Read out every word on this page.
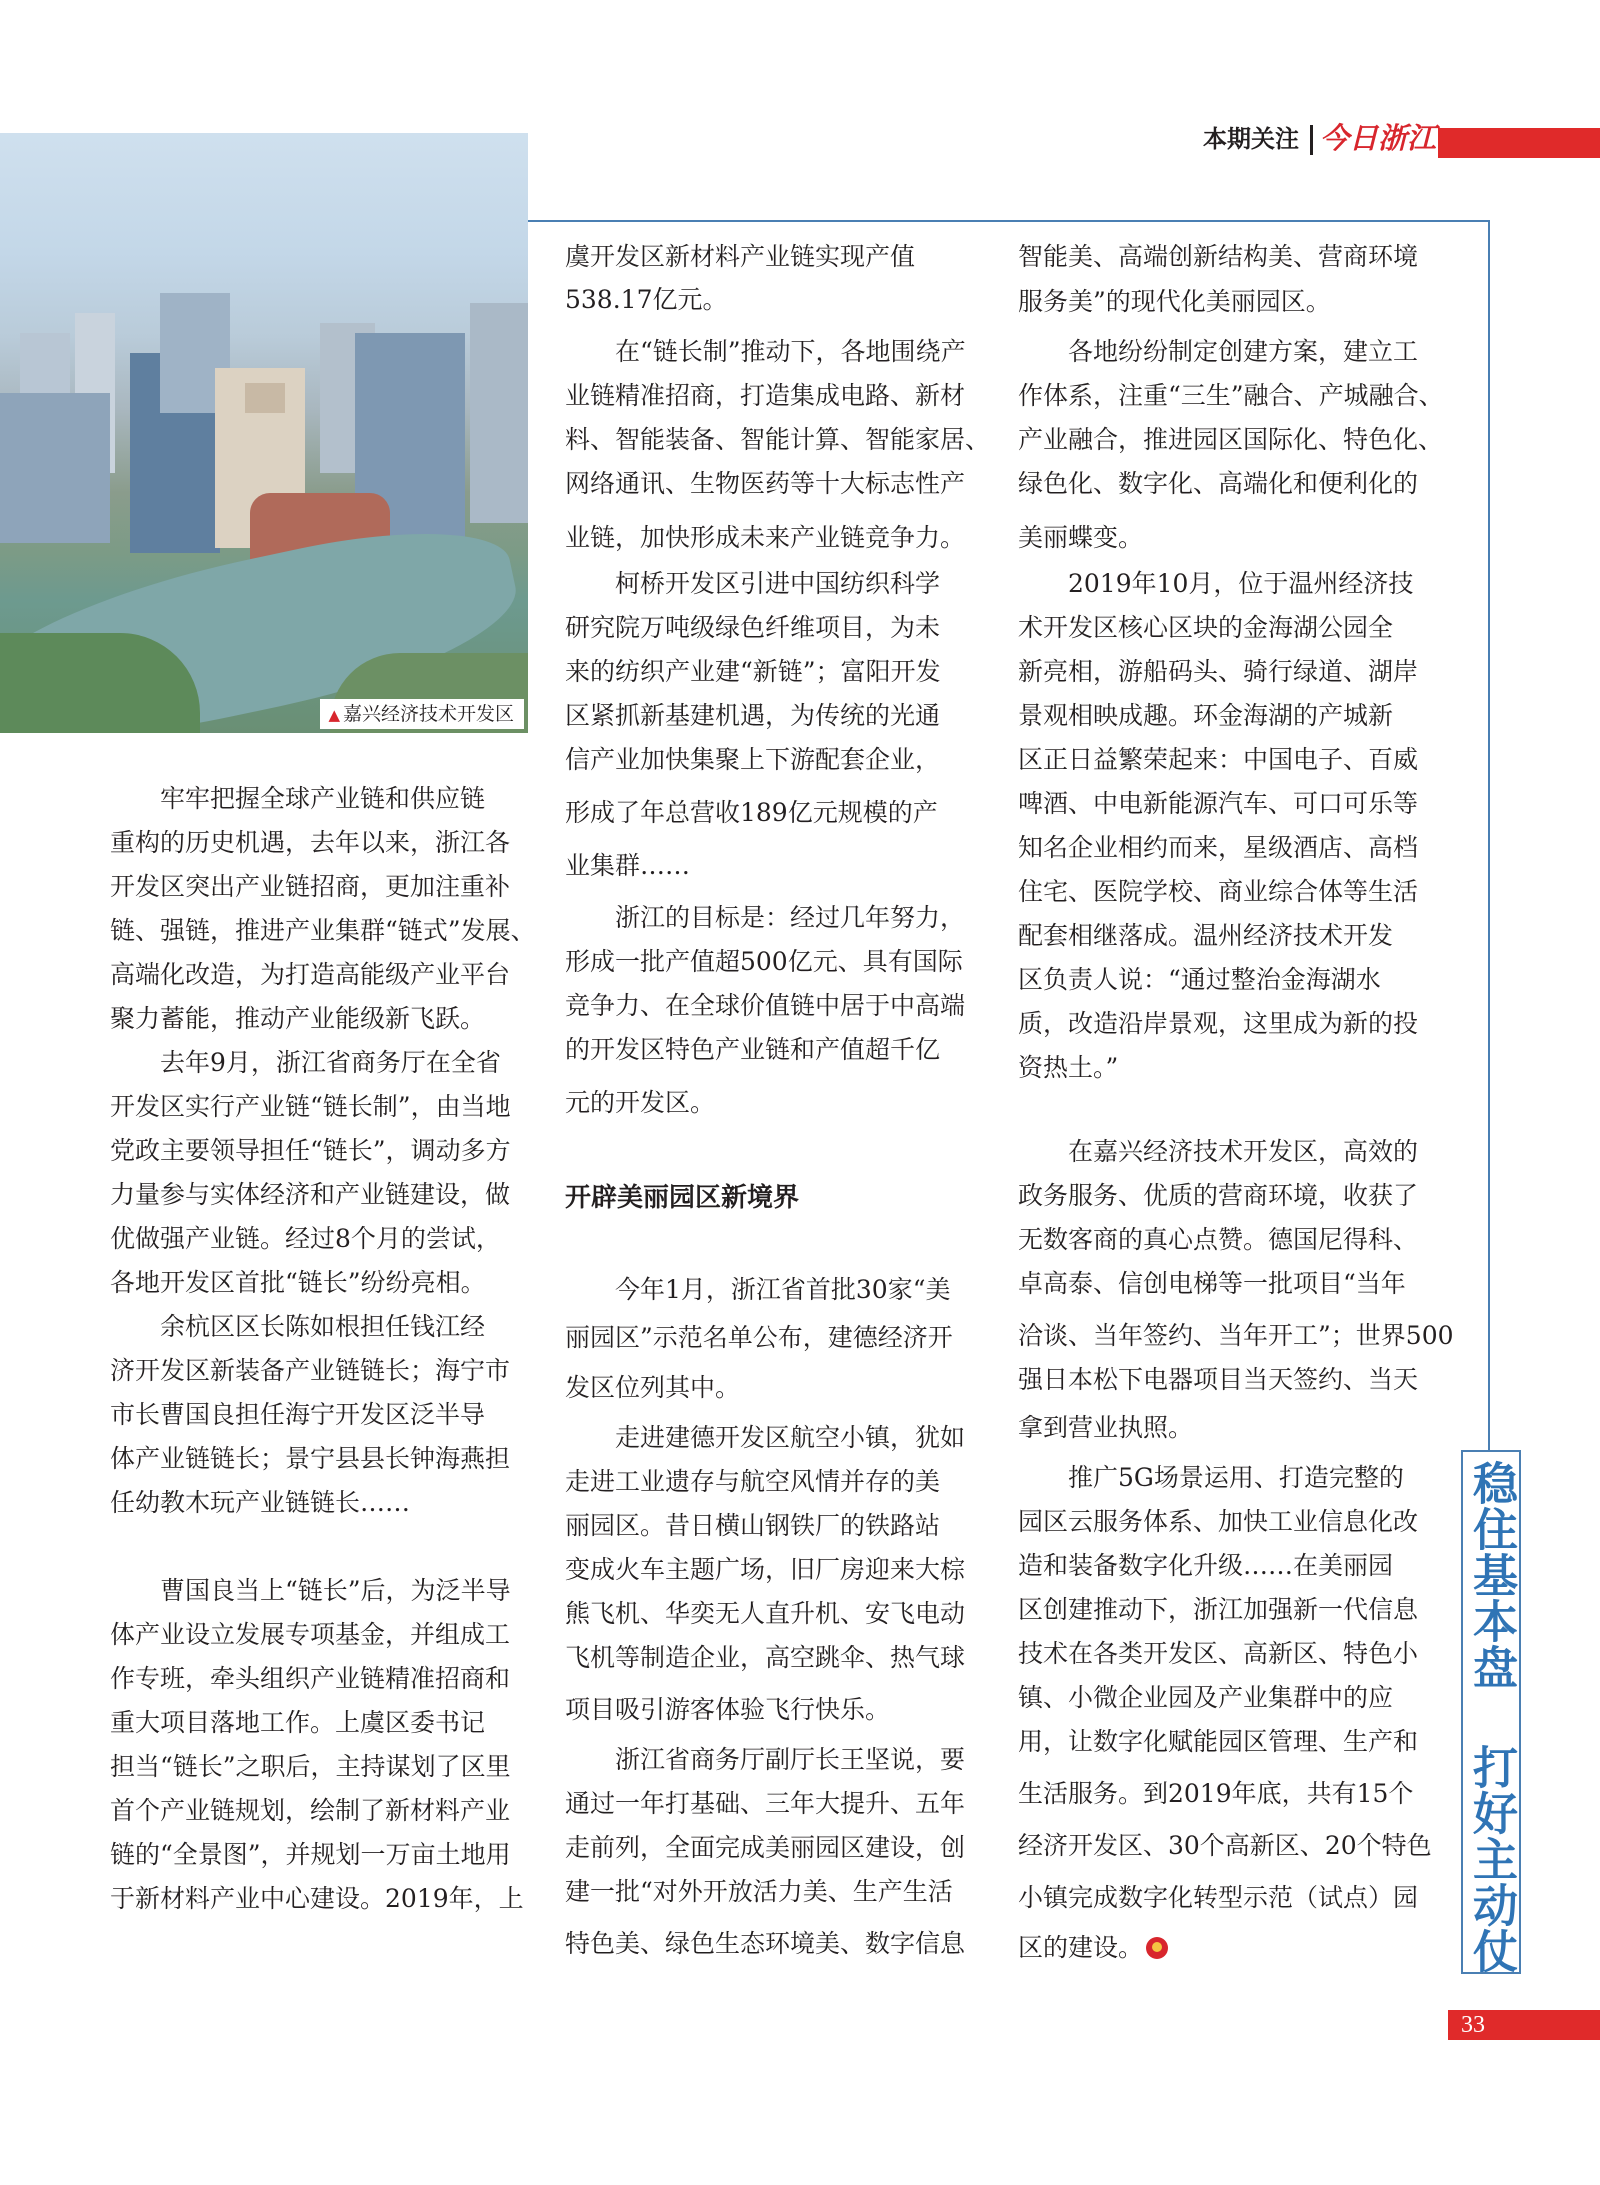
本期关注 今日浙江
▲ 嘉兴经济技术开发区
稳住基本盘 打好主动仗
牢牢把握全球产业链和供应链
重构的历史机遇，去年以来，浙江各
开发区突出产业链招商，更加注重补
链、强链，推进产业集群“链式”发展、
高端化改造，为打造高能级产业平台
聚力蓄能，推动产业能级新飞跃。
去年9月，浙江省商务厅在全省
开发区实行产业链“链长制”，由当地
党政主要领导担任“链长”，调动多方
力量参与实体经济和产业链建设，做
优做强产业链。经过8个月的尝试，
各地开发区首批“链长”纷纷亮相。
余杭区区长陈如根担任钱江经
济开发区新装备产业链链长；海宁市
市长曹国良担任海宁开发区泛半导
体产业链链长；景宁县县长钟海燕担
任幼教木玩产业链链长……
曹国良当上“链长”后，为泛半导
体产业设立发展专项基金，并组成工
作专班，牵头组织产业链精准招商和
重大项目落地工作。上虞区委书记
担当“链长”之职后，主持谋划了区里
首个产业链规划，绘制了新材料产业
链的“全景图”，并规划一万亩土地用
于新材料产业中心建设。2019年，上
虞开发区新材料产业链实现产值
538.17亿元。
在“链长制”推动下，各地围绕产
业链精准招商，打造集成电路、新材
料、智能装备、智能计算、智能家居、
网络通讯、生物医药等十大标志性产
业链，加快形成未来产业链竞争力。
柯桥开发区引进中国纺织科学
研究院万吨级绿色纤维项目，为未
来的纺织产业建“新链”；富阳开发
区紧抓新基建机遇，为传统的光通
信产业加快集聚上下游配套企业，
形成了年总营收189亿元规模的产
业集群……
浙江的目标是：经过几年努力，
形成一批产值超500亿元、具有国际
竞争力、在全球价值链中居于中高端
的开发区特色产业链和产值超千亿
元的开发区。
开辟美丽园区新境界
今年1月，浙江省首批30家“美
丽园区”示范名单公布，建德经济开
发区位列其中。
走进建德开发区航空小镇，犹如
走进工业遗存与航空风情并存的美
丽园区。昔日横山钢铁厂的铁路站
变成火车主题广场，旧厂房迎来大棕
熊飞机、华奕无人直升机、安飞电动
飞机等制造企业，高空跳伞、热气球
项目吸引游客体验飞行快乐。
浙江省商务厅副厅长王坚说，要
通过一年打基础、三年大提升、五年
走前列，全面完成美丽园区建设，创
建一批“对外开放活力美、生产生活
特色美、绿色生态环境美、数字信息
智能美、高端创新结构美、营商环境
服务美”的现代化美丽园区。
各地纷纷制定创建方案，建立工
作体系，注重“三生”融合、产城融合、
产业融合，推进园区国际化、特色化、
绿色化、数字化、高端化和便利化的
美丽蝶变。
2019年10月，位于温州经济技
术开发区核心区块的金海湖公园全
新亮相，游船码头、骑行绿道、湖岸
景观相映成趣。环金海湖的产城新
区正日益繁荣起来：中国电子、百威
啤酒、中电新能源汽车、可口可乐等
知名企业相约而来，星级酒店、高档
住宅、医院学校、商业综合体等生活
配套相继落成。温州经济技术开发
区负责人说：“通过整治金海湖水
质，改造沿岸景观，这里成为新的投
资热土。”
在嘉兴经济技术开发区，高效的
政务服务、优质的营商环境，收获了
无数客商的真心点赞。德国尼得科、
卓高泰、信创电梯等一批项目“当年
洽谈、当年签约、当年开工”；世界500
强日本松下电器项目当天签约、当天
拿到营业执照。
推广5G场景运用、打造完整的
园区云服务体系、加快工业信息化改
造和装备数字化升级……在美丽园
区创建推动下，浙江加强新一代信息
技术在各类开发区、高新区、特色小
镇、小微企业园及产业集群中的应
用，让数字化赋能园区管理、生产和
生活服务。到2019年底，共有15个
经济开发区、30个高新区、20个特色
小镇完成数字化转型示范（试点）园
区的建设。
33
